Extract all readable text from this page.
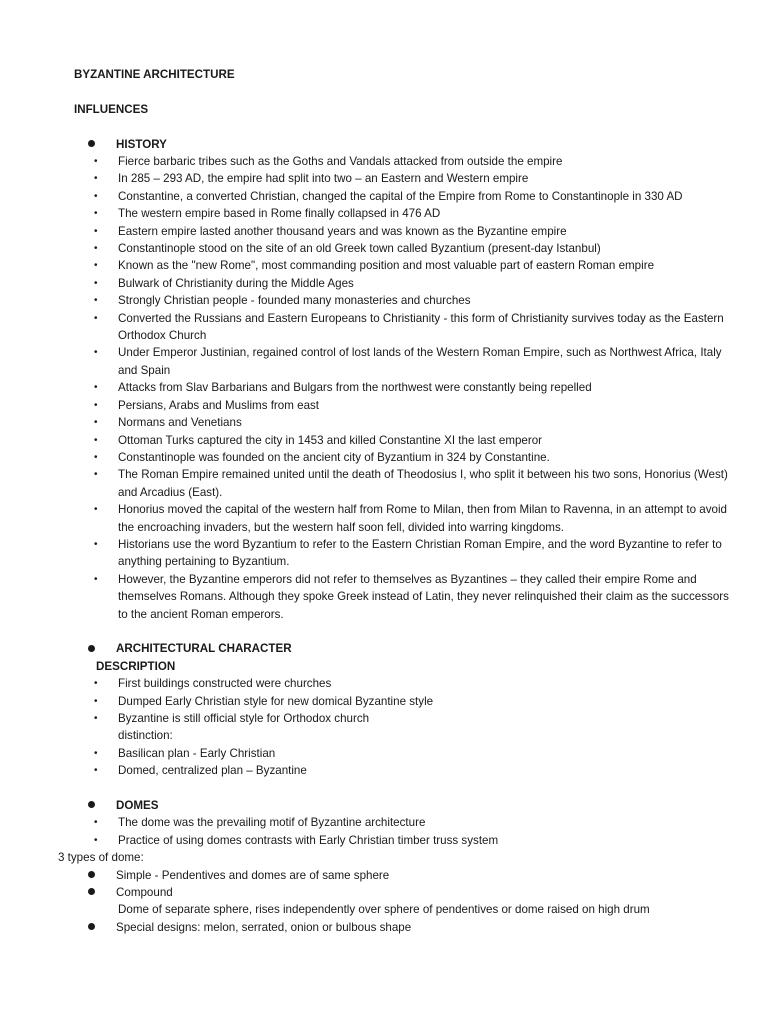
BYZANTINE ARCHITECTURE
INFLUENCES
HISTORY
•	Fierce barbaric tribes such as the Goths and Vandals attacked from outside the empire
•	In 285 – 293 AD, the empire had split into two – an Eastern and Western empire
•	Constantine, a converted Christian, changed the capital of the Empire from Rome to Constantinople in 330 AD
•	The western empire based in Rome finally collapsed in 476 AD
•	Eastern empire lasted another thousand years and was known as the Byzantine empire
•	Constantinople stood on the site of an old Greek town called Byzantium (present-day Istanbul)
•	Known as the "new Rome", most commanding position and most valuable part of eastern Roman empire
•	Bulwark of Christianity during the Middle Ages
•	Strongly Christian people - founded many monasteries and churches
•	Converted the Russians and Eastern Europeans to Christianity - this form of Christianity survives today as the Eastern Orthodox Church
•	Under Emperor Justinian, regained control of lost lands of the Western Roman Empire, such as Northwest Africa, Italy and Spain
•	Attacks from Slav Barbarians and Bulgars from the northwest were constantly being repelled
•	Persians, Arabs and Muslims from east
•	Normans and Venetians
•	Ottoman Turks captured the city in 1453 and killed Constantine XI the last emperor
•	Constantinople was founded on the ancient city of Byzantium in 324 by Constantine.
•	The Roman Empire remained united until the death of Theodosius I, who split it between his two sons, Honorius (West) and Arcadius (East).
•	Honorius moved the capital of the western half from Rome to Milan, then from Milan to Ravenna, in an attempt to avoid the encroaching invaders, but the western half soon fell, divided into warring kingdoms.
•	Historians use the word Byzantium to refer to the Eastern Christian Roman Empire, and the word Byzantine to refer to anything pertaining to Byzantium.
•	However, the Byzantine emperors did not refer to themselves as Byzantines – they called their empire Rome and themselves Romans. Although they spoke Greek instead of Latin, they never relinquished their claim as the successors to the ancient Roman emperors.
ARCHITECTURAL CHARACTER
DESCRIPTION
•	First buildings constructed were churches
•	Dumped Early Christian style for new domical Byzantine style
•	Byzantine is still official style for Orthodox church
distinction:
•	Basilican plan - Early Christian
•	Domed, centralized plan – Byzantine
DOMES
•	The dome was the prevailing motif of Byzantine architecture
•	Practice of using domes contrasts with Early Christian timber truss system
3 types of dome:
Simple - Pendentives and domes are of same sphere
Compound
Dome of separate sphere, rises independently over sphere of pendentives or dome raised on high drum
Special designs: melon, serrated, onion or bulbous shape
